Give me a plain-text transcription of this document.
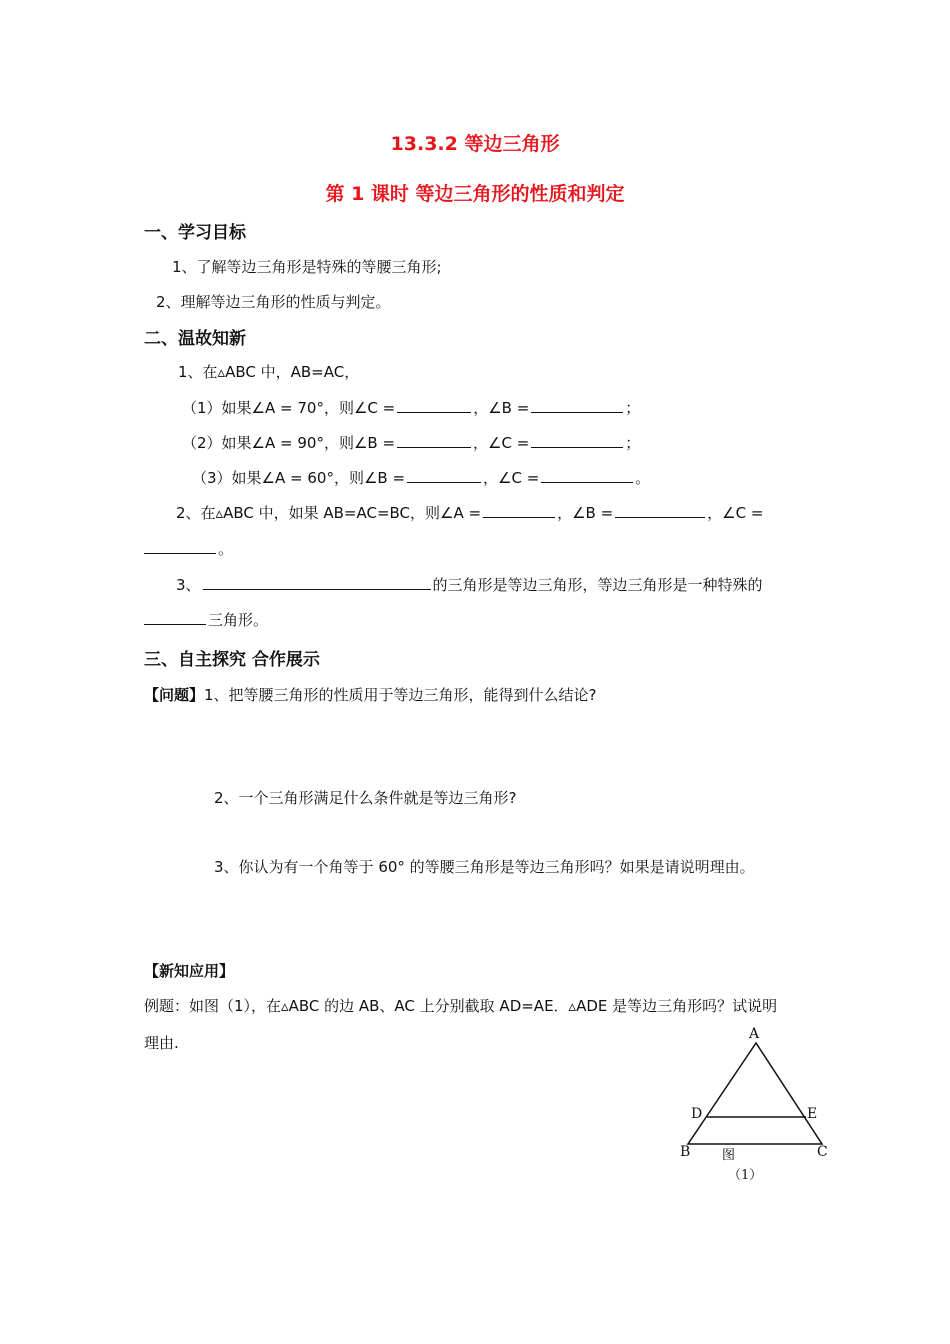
13.3.2 等边三角形
第 1 课时 等边三角形的性质和判定
一、学习目标
1、了解等边三角形是特殊的等腰三角形;
2、理解等边三角形的性质与判定。
二、温故知新
1、在▵ABC 中，AB=AC，
（1）如果∠A = 70°，则∠C =	，∠B =	；
（2）如果∠A = 90°，则∠B =	，∠C =	；
（3）如果∠A = 60°，则∠B =	，∠C =	。
2、在▵ABC 中，如果 AB=AC=BC，则∠A =	，∠B =	，∠C =
。
3、	的三角形是等边三角形，等边三角形是一种特殊的
三角形。
三、自主探究 合作展示
【问题】1、把等腰三角形的性质用于等边三角形，能得到什么结论?
2、一个三角形满足什么条件就是等边三角形?
3、你认为有一个角等于 60° 的等腰三角形是等边三角形吗？如果是请说明理由。
【新知应用】
例题：如图（1），在▵ABC 的边 AB、AC 上分别截取 AD=AE．▵ADE 是等边三角形吗？试说明
理由.	A
D	E
B	C
图
（1）
